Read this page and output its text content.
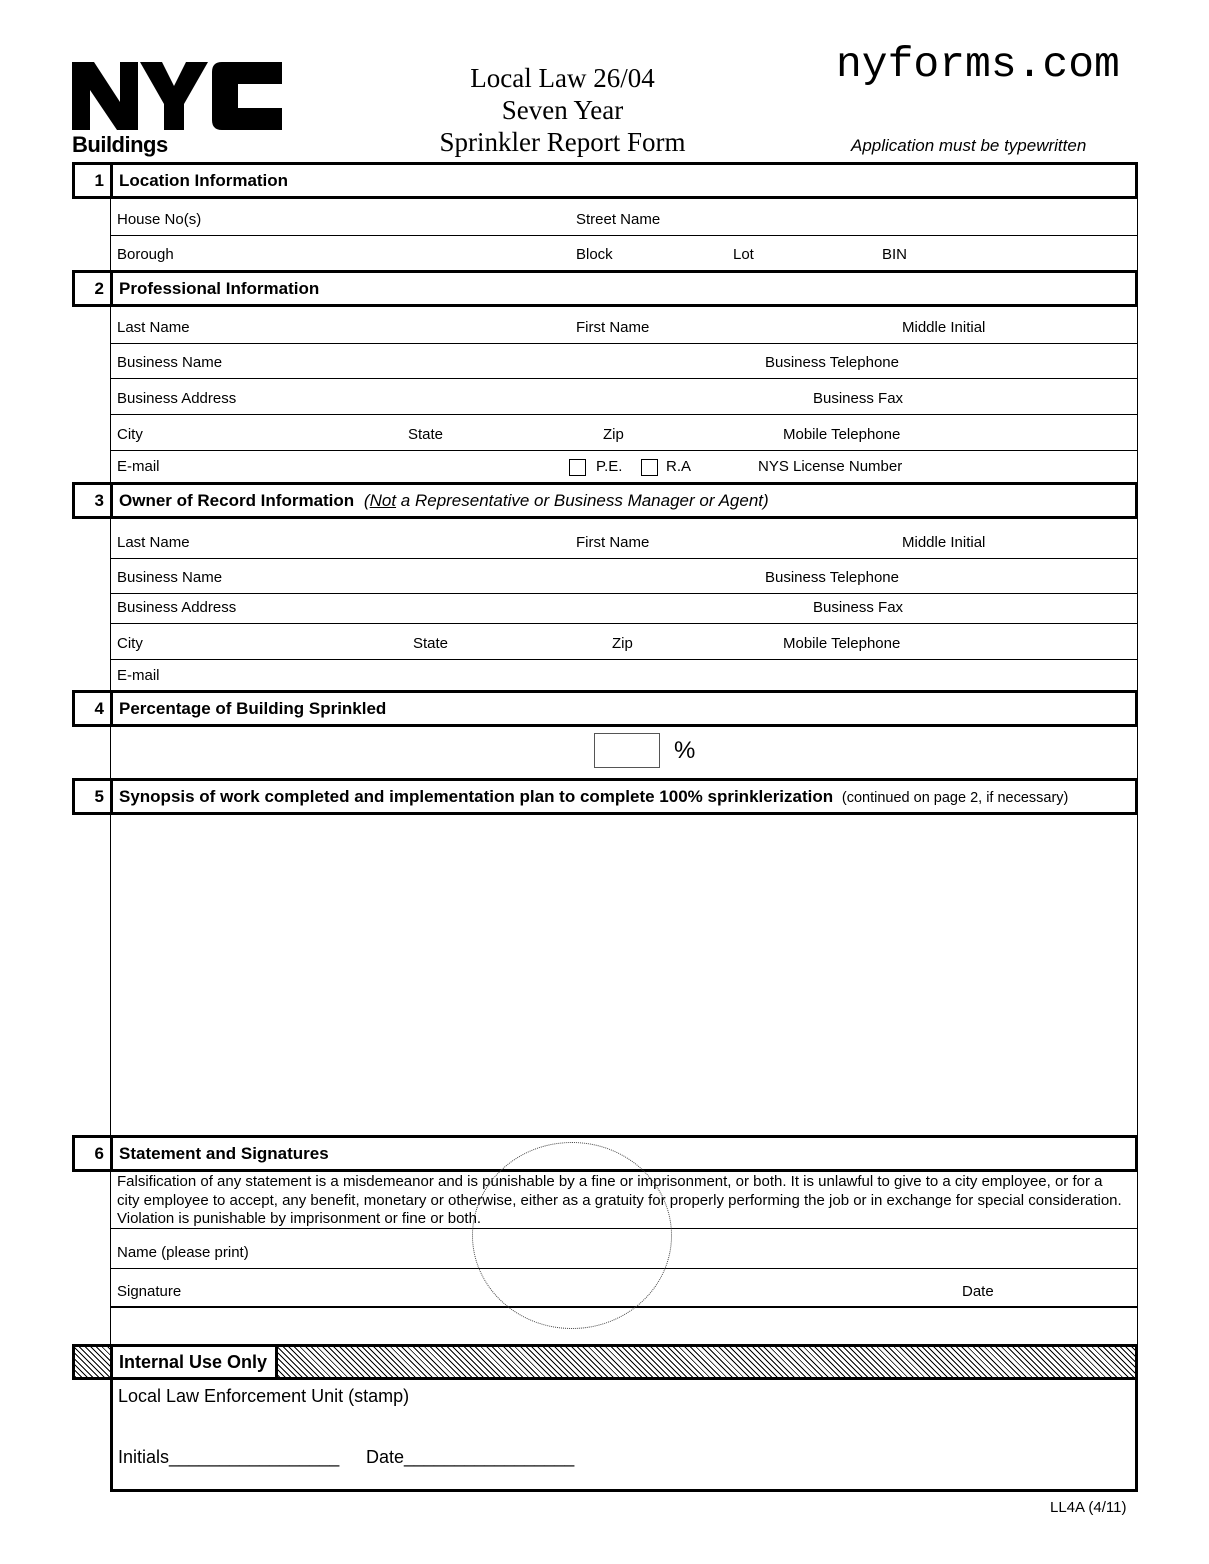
Buildings
Local Law 26/04
Seven Year
Sprinkler Report Form
nyforms.com
Application must be typewritten
1 Location Information
House No(s)	Street Name
Borough	Block	Lot	BIN
2 Professional Information
Last Name	First Name	Middle Initial
Business Name	Business Telephone
Business Address	Business Fax
City	State	Zip	Mobile Telephone
E-mail	P.E.	R.A	NYS License Number
3 Owner of Record Information (Not a Representative or Business Manager or Agent)
Last Name	First Name	Middle Initial
Business Name	Business Telephone
Business Address	Business Fax
City	State	Zip	Mobile Telephone
E-mail
4 Percentage of Building Sprinkled
%
5 Synopsis of work completed and implementation plan to complete 100% sprinklerization (continued on page 2, if necessary)
6 Statement and Signatures
Falsification of any statement is a misdemeanor and is punishable by a fine or imprisonment, or both. It is unlawful to give to a city employee, or for a city employee to accept, any benefit, monetary or otherwise, either as a gratuity for properly performing the job or in exchange for special consideration. Violation is punishable by imprisonment or fine or both.
Name (please print)
Signature	Date
Internal Use Only
Local Law Enforcement Unit (stamp)
Initials_________________ Date_________________
LL4A (4/11)
